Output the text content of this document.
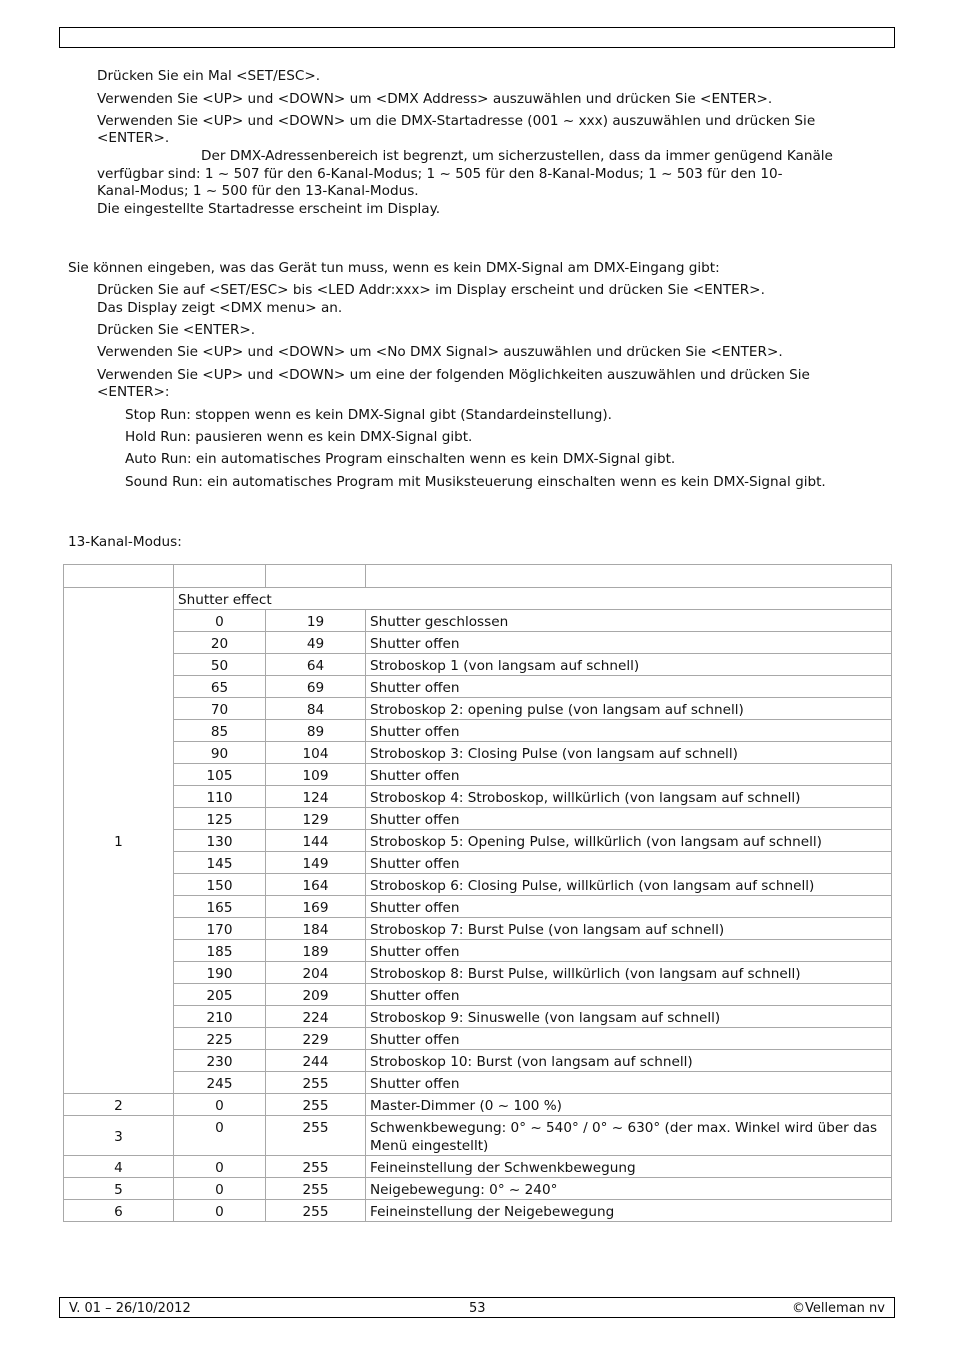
Drücken Sie ein Mal <SET/ESC>.
Verwenden Sie <UP> und <DOWN> um <DMX Address> auszuwählen und drücken Sie <ENTER>.
Verwenden Sie <UP> und <DOWN> um die DMX-Startadresse (001 ~ xxx) auszuwählen und drücken Sie <ENTER>.
Der DMX-Adressenbereich ist begrenzt, um sicherzustellen, dass da immer genügend Kanäle
verfügbar sind: 1 ~ 507 für den 6-Kanal-Modus; 1 ~ 505 für den 8-Kanal-Modus; 1 ~ 503 für den 10-
Kanal-Modus; 1 ~ 500 für den 13-Kanal-Modus.
Die eingestellte Startadresse erscheint im Display.
Sie können eingeben, was das Gerät tun muss, wenn es kein DMX-Signal am DMX-Eingang gibt:
Drücken Sie auf <SET/ESC> bis <LED Addr:xxx> im Display erscheint und drücken Sie <ENTER>.
Das Display zeigt <DMX menu> an.
Drücken Sie <ENTER>.
Verwenden Sie <UP> und <DOWN> um <No DMX Signal> auszuwählen und drücken Sie <ENTER>.
Verwenden Sie <UP> und <DOWN> um eine der folgenden Möglichkeiten auszuwählen und drücken Sie
<ENTER>:
Stop Run: stoppen wenn es kein DMX-Signal gibt (Standardeinstellung).
Hold Run: pausieren wenn es kein DMX-Signal gibt.
Auto Run: ein automatisches Program einschalten wenn es kein DMX-Signal gibt.
Sound Run: ein automatisches Program mit Musiksteuerung einschalten wenn es kein DMX-Signal gibt.
13-Kanal-Modus:

1	Shutter effect		
	0	19	Shutter geschlossen
	20	49	Shutter offen
	50	64	Stroboskop 1 (von langsam auf schnell)
	65	69	Shutter offen
	70	84	Stroboskop 2: opening pulse (von langsam auf schnell)
	85	89	Shutter offen
	90	104	Stroboskop 3: Closing Pulse (von langsam auf schnell)
	105	109	Shutter offen
	110	124	Stroboskop 4: Stroboskop, willkürlich (von langsam auf schnell)
	125	129	Shutter offen
	130	144	Stroboskop 5: Opening Pulse, willkürlich (von langsam auf schnell)
	145	149	Shutter offen
	150	164	Stroboskop 6: Closing Pulse, willkürlich (von langsam auf schnell)
	165	169	Shutter offen
	170	184	Stroboskop 7: Burst Pulse (von langsam auf schnell)
	185	189	Shutter offen
	190	204	Stroboskop 8: Burst Pulse, willkürlich (von langsam auf schnell)
	205	209	Shutter offen
	210	224	Stroboskop 9: Sinuswelle (von langsam auf schnell)
	225	229	Shutter offen
	230	244	Stroboskop 10: Burst (von langsam auf schnell)
	245	255	Shutter offen
2	0	255	Master-Dimmer (0 ~ 100 %)
3	0	255	Schwenkbewegung: 0° ~ 540° / 0° ~ 630° (der max. Winkel wird über das Menü eingestellt)
4	0	255	Feineinstellung der Schwenkbewegung
5	0	255	Neigebewegung: 0° ~ 240°
6	0	255	Feineinstellung der Neigebewegung
V. 01 – 26/10/2012	53	©Velleman nv
